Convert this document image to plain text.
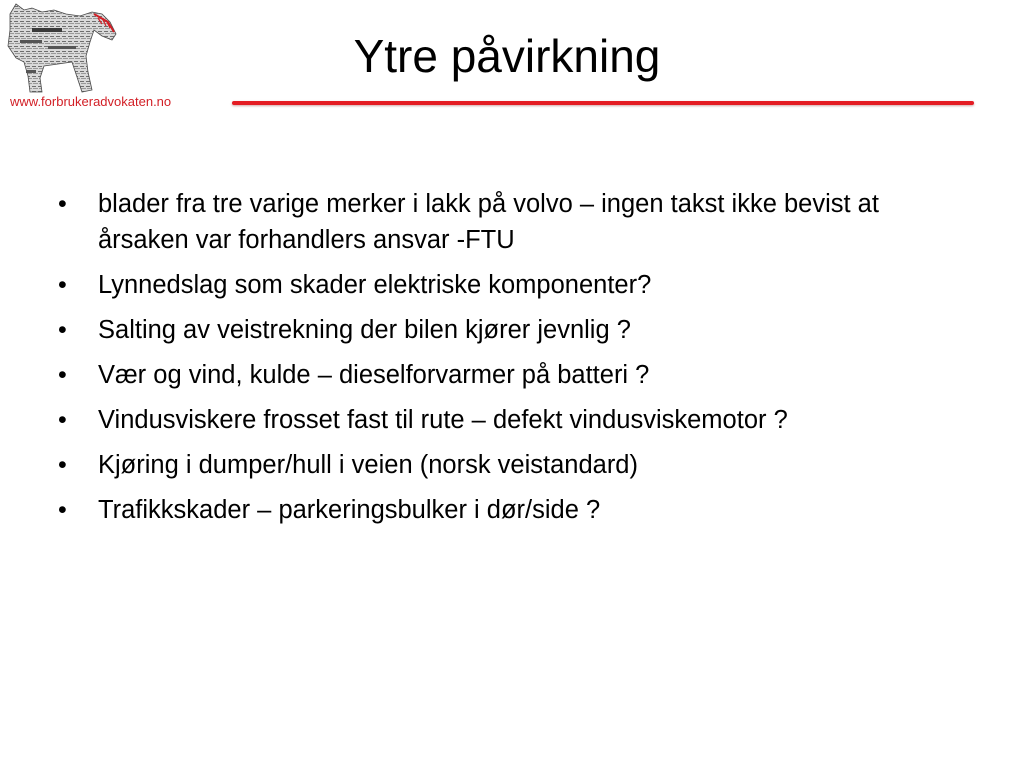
www.forbrukeradvokaten.no
Ytre påvirkning
•	blader fra tre varige merker i lakk på volvo – ingen takst ikke bevist at årsaken var forhandlers ansvar -FTU
•	Lynnedslag som skader elektriske komponenter?
•	Salting av veistrekning der bilen kjører jevnlig ?
•	Vær og vind, kulde – dieselforvarmer på batteri ?
•	Vindusviskere frosset fast til rute – defekt vindusviskemotor ?
•	Kjøring i dumper/hull i veien (norsk veistandard)
•	Trafikkskader – parkeringsbulker i dør/side ?
